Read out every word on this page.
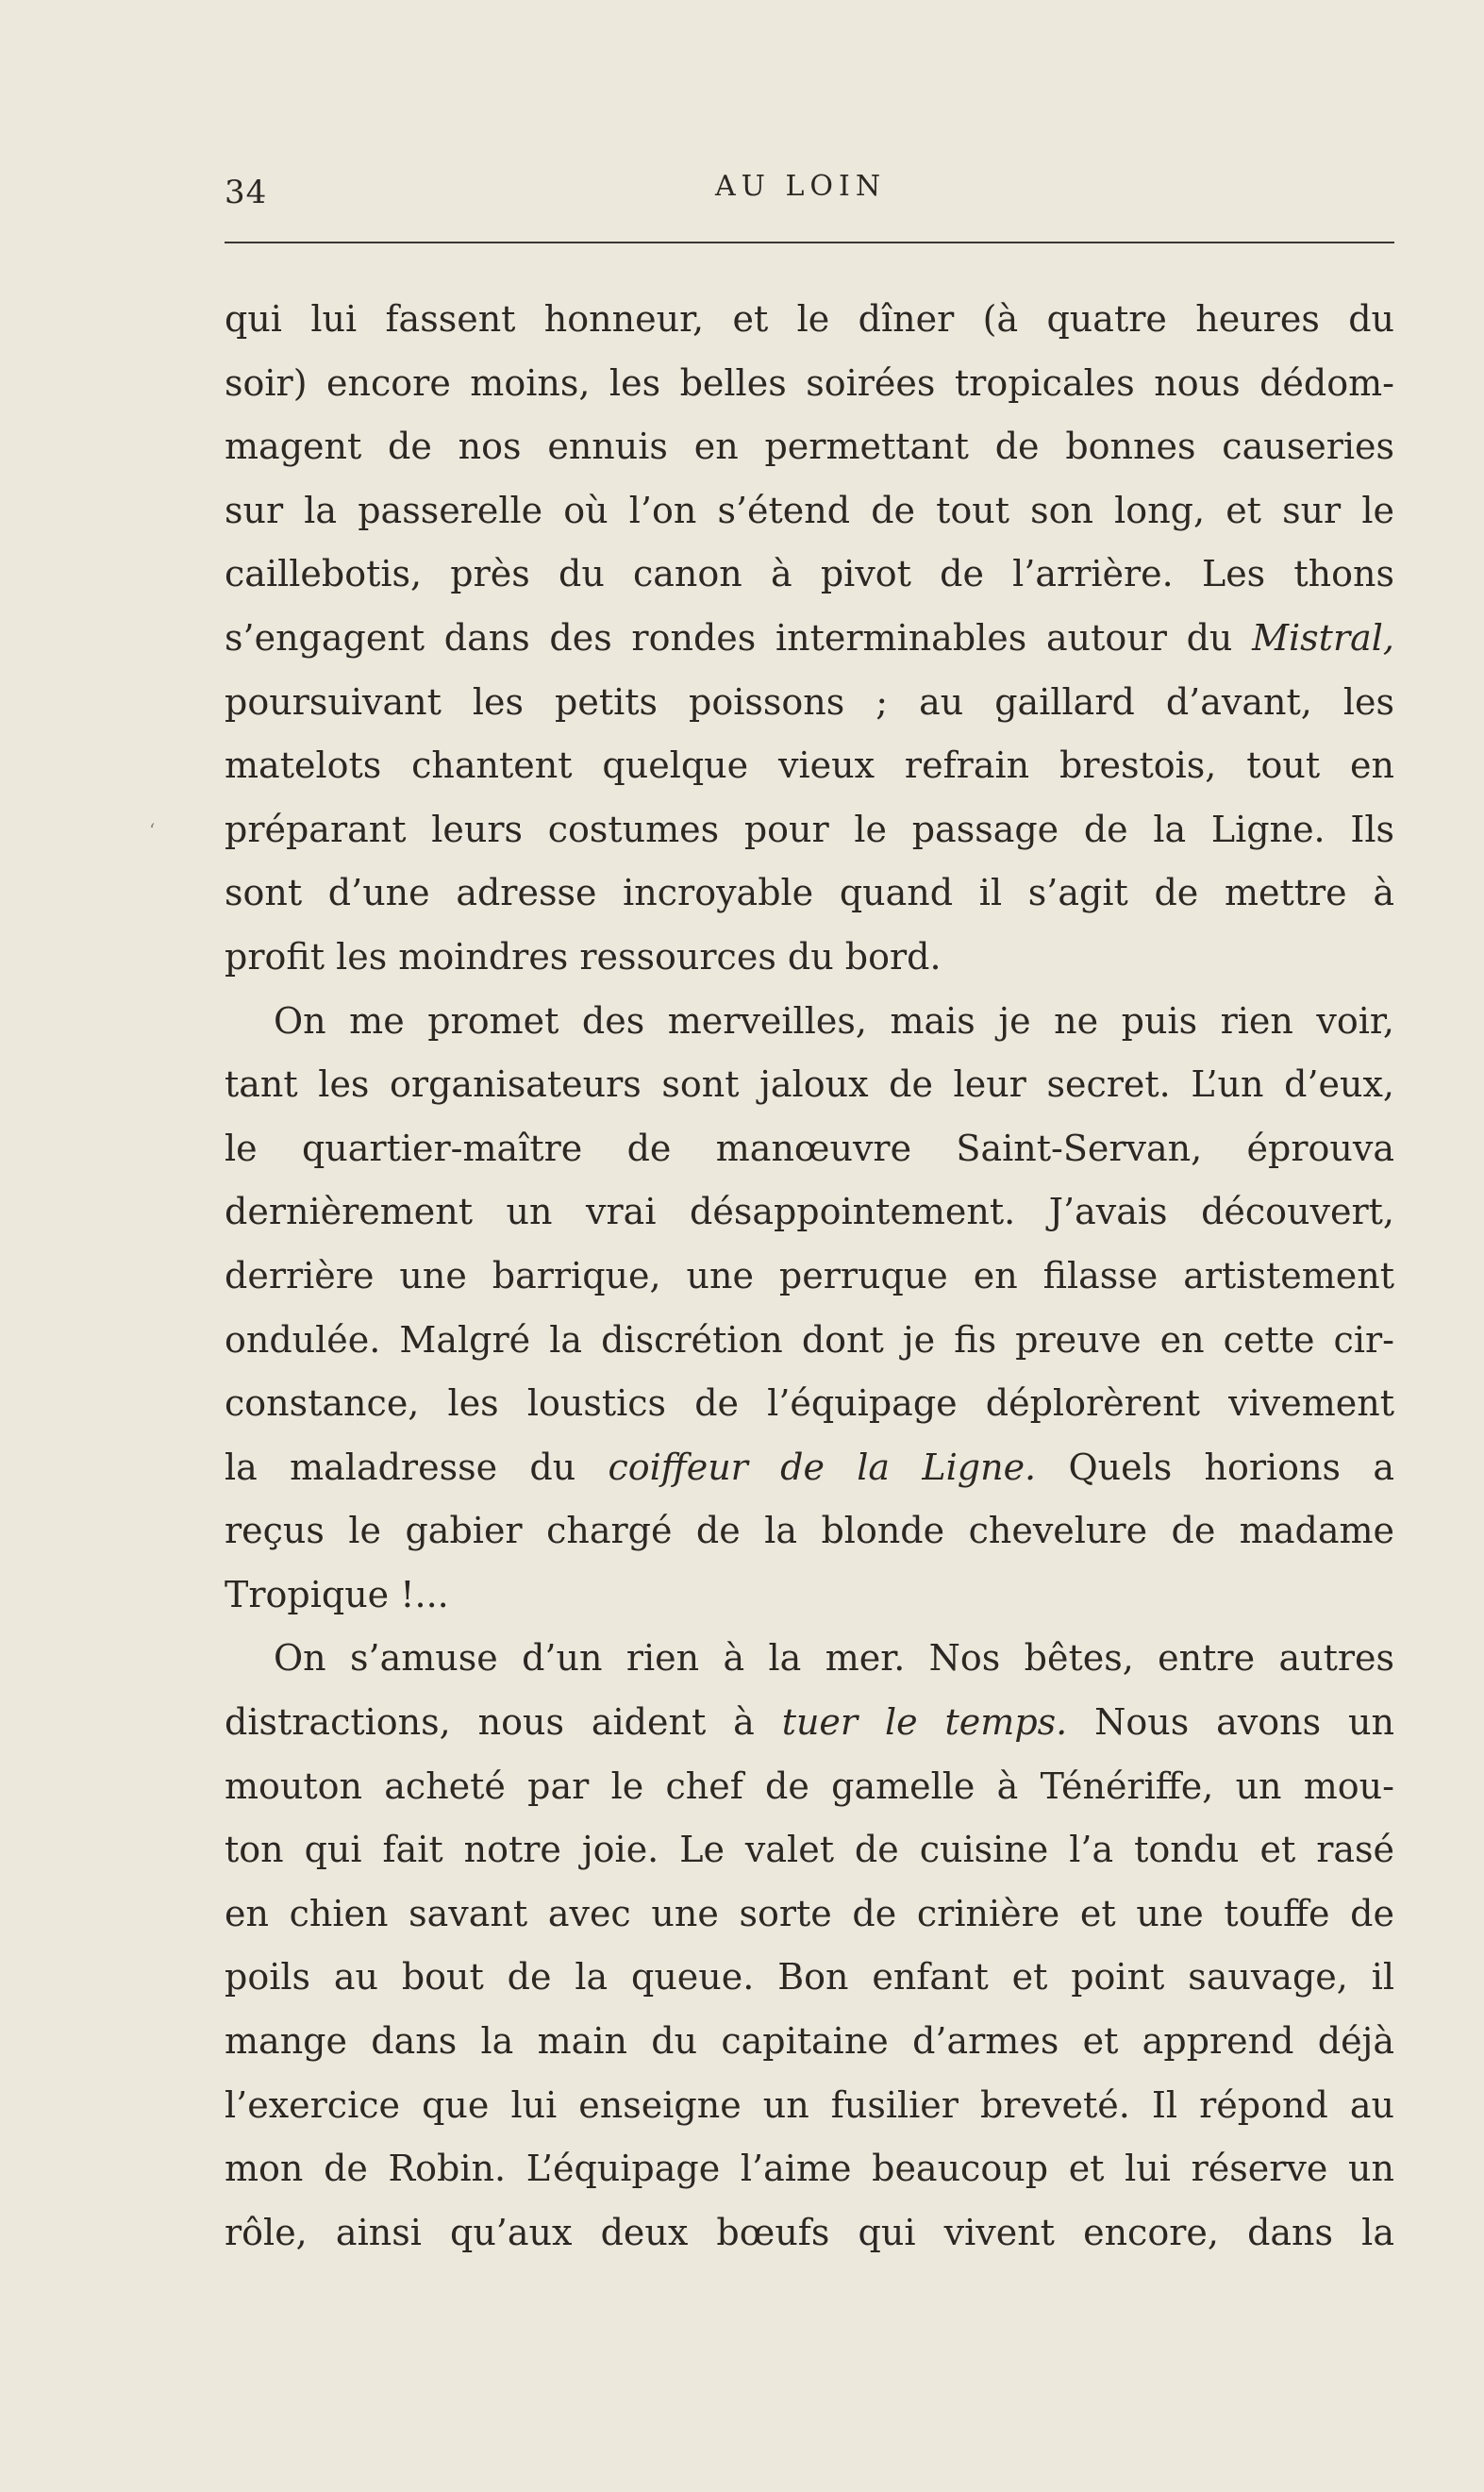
34	AU LOIN
‘
qui lui fassent honneur, et le dîner (à quatre heures du
soir) encore moins, les belles soirées tropicales nous dédom-
magent de nos ennuis en permettant de bonnes causeries
sur la passerelle où l’on s’étend de tout son long, et sur le
caillebotis, près du canon à pivot de l’arrière. Les thons
s’engagent dans des rondes interminables autour du Mistral,
poursuivant les petits poissons ; au gaillard d’avant, les
matelots chantent quelque vieux refrain brestois, tout en
préparant leurs costumes pour le passage de la Ligne. Ils
sont d’une adresse incroyable quand il s’agit de mettre à
profit les moindres ressources du bord.
On me promet des merveilles, mais je ne puis rien voir,
tant les organisateurs sont jaloux de leur secret. L’un d’eux,
le quartier-maître de manœuvre Saint-Servan, éprouva
dernièrement un vrai désappointement. J’avais découvert,
derrière une barrique, une perruque en filasse artistement
ondulée. Malgré la discrétion dont je fis preuve en cette cir-
constance, les loustics de l’équipage déplorèrent vivement
la maladresse du coiffeur de la Ligne. Quels horions a
reçus le gabier chargé de la blonde chevelure de madame
Tropique !...
On s’amuse d’un rien à la mer. Nos bêtes, entre autres
distractions, nous aident à tuer le temps. Nous avons un
mouton acheté par le chef de gamelle à Ténériffe, un mou-
ton qui fait notre joie. Le valet de cuisine l’a tondu et rasé
en chien savant avec une sorte de crinière et une touffe de
poils au bout de la queue. Bon enfant et point sauvage, il
mange dans la main du capitaine d’armes et apprend déjà
l’exercice que lui enseigne un fusilier breveté. Il répond au
mon de Robin. L’équipage l’aime beaucoup et lui réserve un
rôle, ainsi qu’aux deux bœufs qui vivent encore, dans la
